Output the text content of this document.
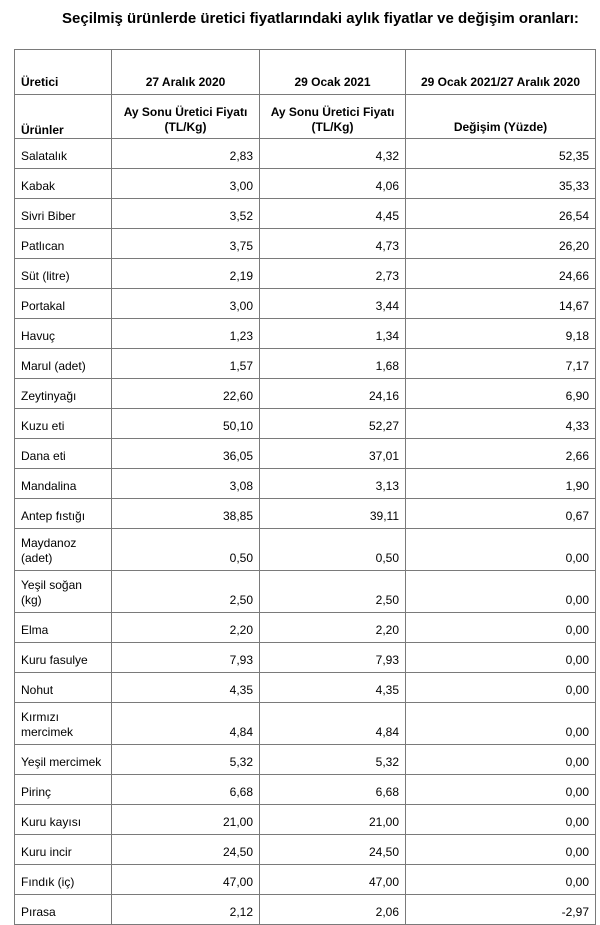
Seçilmiş ürünlerde üretici fiyatlarındaki aylık fiyatlar ve değişim oranları:
Üretici	27 Aralık 2020	29 Ocak 2021	29 Ocak 2021/27 Aralık 2020
Ürünler	Ay Sonu Üretici Fiyatı (TL/Kg)	Ay Sonu Üretici Fiyatı (TL/Kg)	Değişim (Yüzde)
Salatalık	2,83	4,32	52,35
Kabak	3,00	4,06	35,33
Sivri Biber	3,52	4,45	26,54
Patlıcan	3,75	4,73	26,20
Süt (litre)	2,19	2,73	24,66
Portakal	3,00	3,44	14,67
Havuç	1,23	1,34	9,18
Marul (adet)	1,57	1,68	7,17
Zeytinyağı	22,60	24,16	6,90
Kuzu eti	50,10	52,27	4,33
Dana eti	36,05	37,01	2,66
Mandalina	3,08	3,13	1,90
Antep fıstığı	38,85	39,11	0,67
Maydanoz (adet)	0,50	0,50	0,00
Yeşil soğan (kg)	2,50	2,50	0,00
Elma	2,20	2,20	0,00
Kuru fasulye	7,93	7,93	0,00
Nohut	4,35	4,35	0,00
Kırmızı mercimek	4,84	4,84	0,00
Yeşil mercimek	5,32	5,32	0,00
Pirinç	6,68	6,68	0,00
Kuru kayısı	21,00	21,00	0,00
Kuru incir	24,50	24,50	0,00
Fındık (iç)	47,00	47,00	0,00
Pırasa	2,12	2,06	-2,97
